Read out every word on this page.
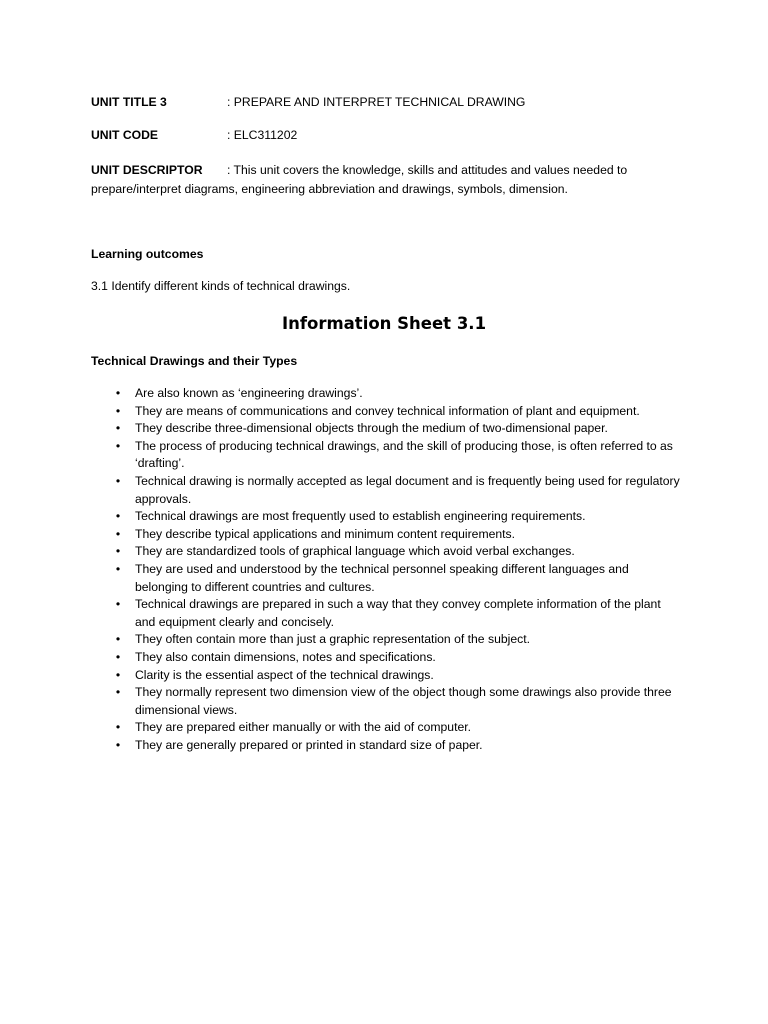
UNIT TITLE 3	: PREPARE AND INTERPRET TECHNICAL DRAWING
UNIT CODE	: ELC311202
UNIT DESCRIPTOR : This unit covers the knowledge, skills and attitudes and values needed to prepare/interpret diagrams, engineering abbreviation and drawings, symbols, dimension.
Learning outcomes
3.1 Identify different kinds of technical drawings.
Information Sheet 3.1
Technical Drawings and their Types
• Are also known as ‘engineering drawings’.
• They are means of communications and convey technical information of plant and equipment.
• They describe three-dimensional objects through the medium of two-dimensional paper.
• The process of producing technical drawings, and the skill of producing those, is often referred to as ‘drafting’.
• Technical drawing is normally accepted as legal document and is frequently being used for regulatory approvals.
• Technical drawings are most frequently used to establish engineering requirements.
• They describe typical applications and minimum content requirements.
• They are standardized tools of graphical language which avoid verbal exchanges.
• They are used and understood by the technical personnel speaking different languages and belonging to different countries and cultures.
• Technical drawings are prepared in such a way that they convey complete information of the plant and equipment clearly and concisely.
• They often contain more than just a graphic representation of the subject.
• They also contain dimensions, notes and specifications.
• Clarity is the essential aspect of the technical drawings.
• They normally represent two dimension view of the object though some drawings also provide three dimensional views.
• They are prepared either manually or with the aid of computer.
• They are generally prepared or printed in standard size of paper.
